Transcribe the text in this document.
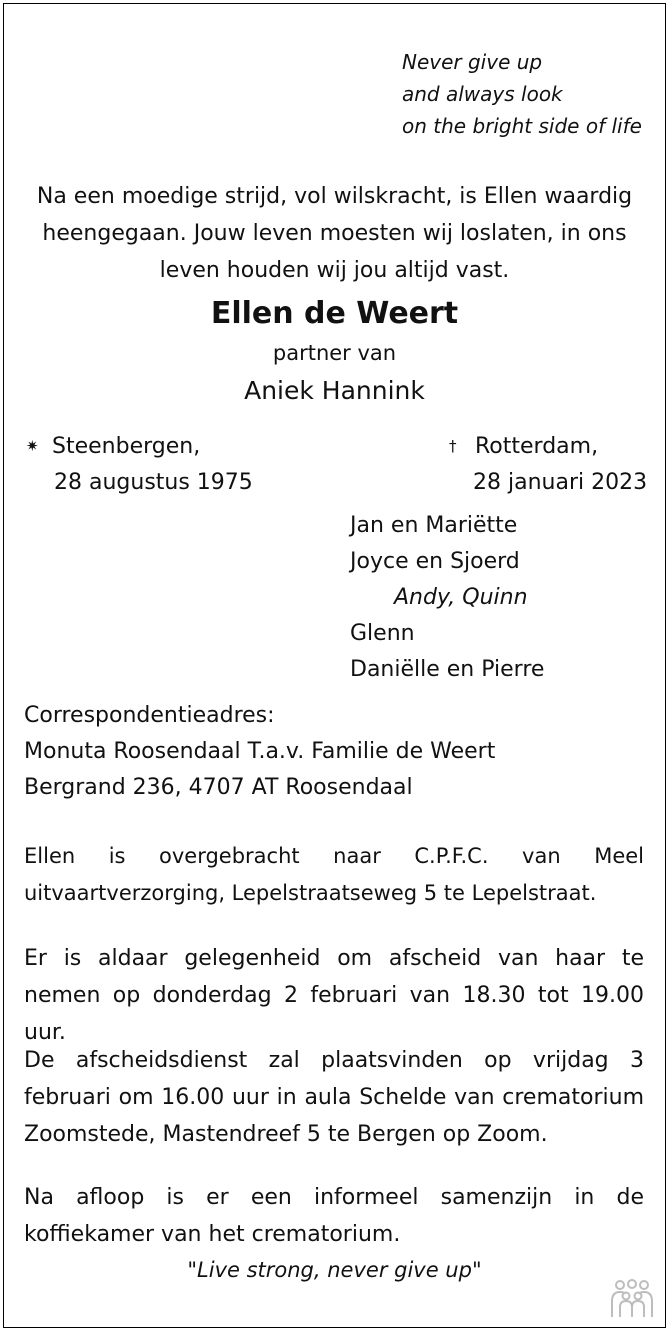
Never give up
and always look
on the bright side of life
Na een moedige strijd, vol wilskracht, is Ellen waardig heengegaan. Jouw leven moesten wij loslaten, in ons leven houden wij jou altijd vast.
Ellen de Weert
partner van
Aniek Hannink
✷ Steenbergen,
28 augustus 1975
† Rotterdam,
28 januari 2023
Jan en Mariëtte
Joyce en Sjoerd
Andy, Quinn
Glenn
Daniëlle en Pierre
Correspondentieadres:
Monuta Roosendaal T.a.v. Familie de Weert
Bergrand 236, 4707 AT Roosendaal
Ellen is overgebracht naar C.P.F.C. van Meel uitvaartverzorging, Lepelstraatseweg 5 te Lepelstraat.
Er is aldaar gelegenheid om afscheid van haar te nemen op donderdag 2 februari van 18.30 tot 19.00 uur.
De afscheidsdienst zal plaatsvinden op vrijdag 3 februari om 16.00 uur in aula Schelde van crematorium Zoomstede, Mastendreef 5 te Bergen op Zoom.
Na afloop is er een informeel samenzijn in de koffiekamer van het crematorium.
"Live strong, never give up"
